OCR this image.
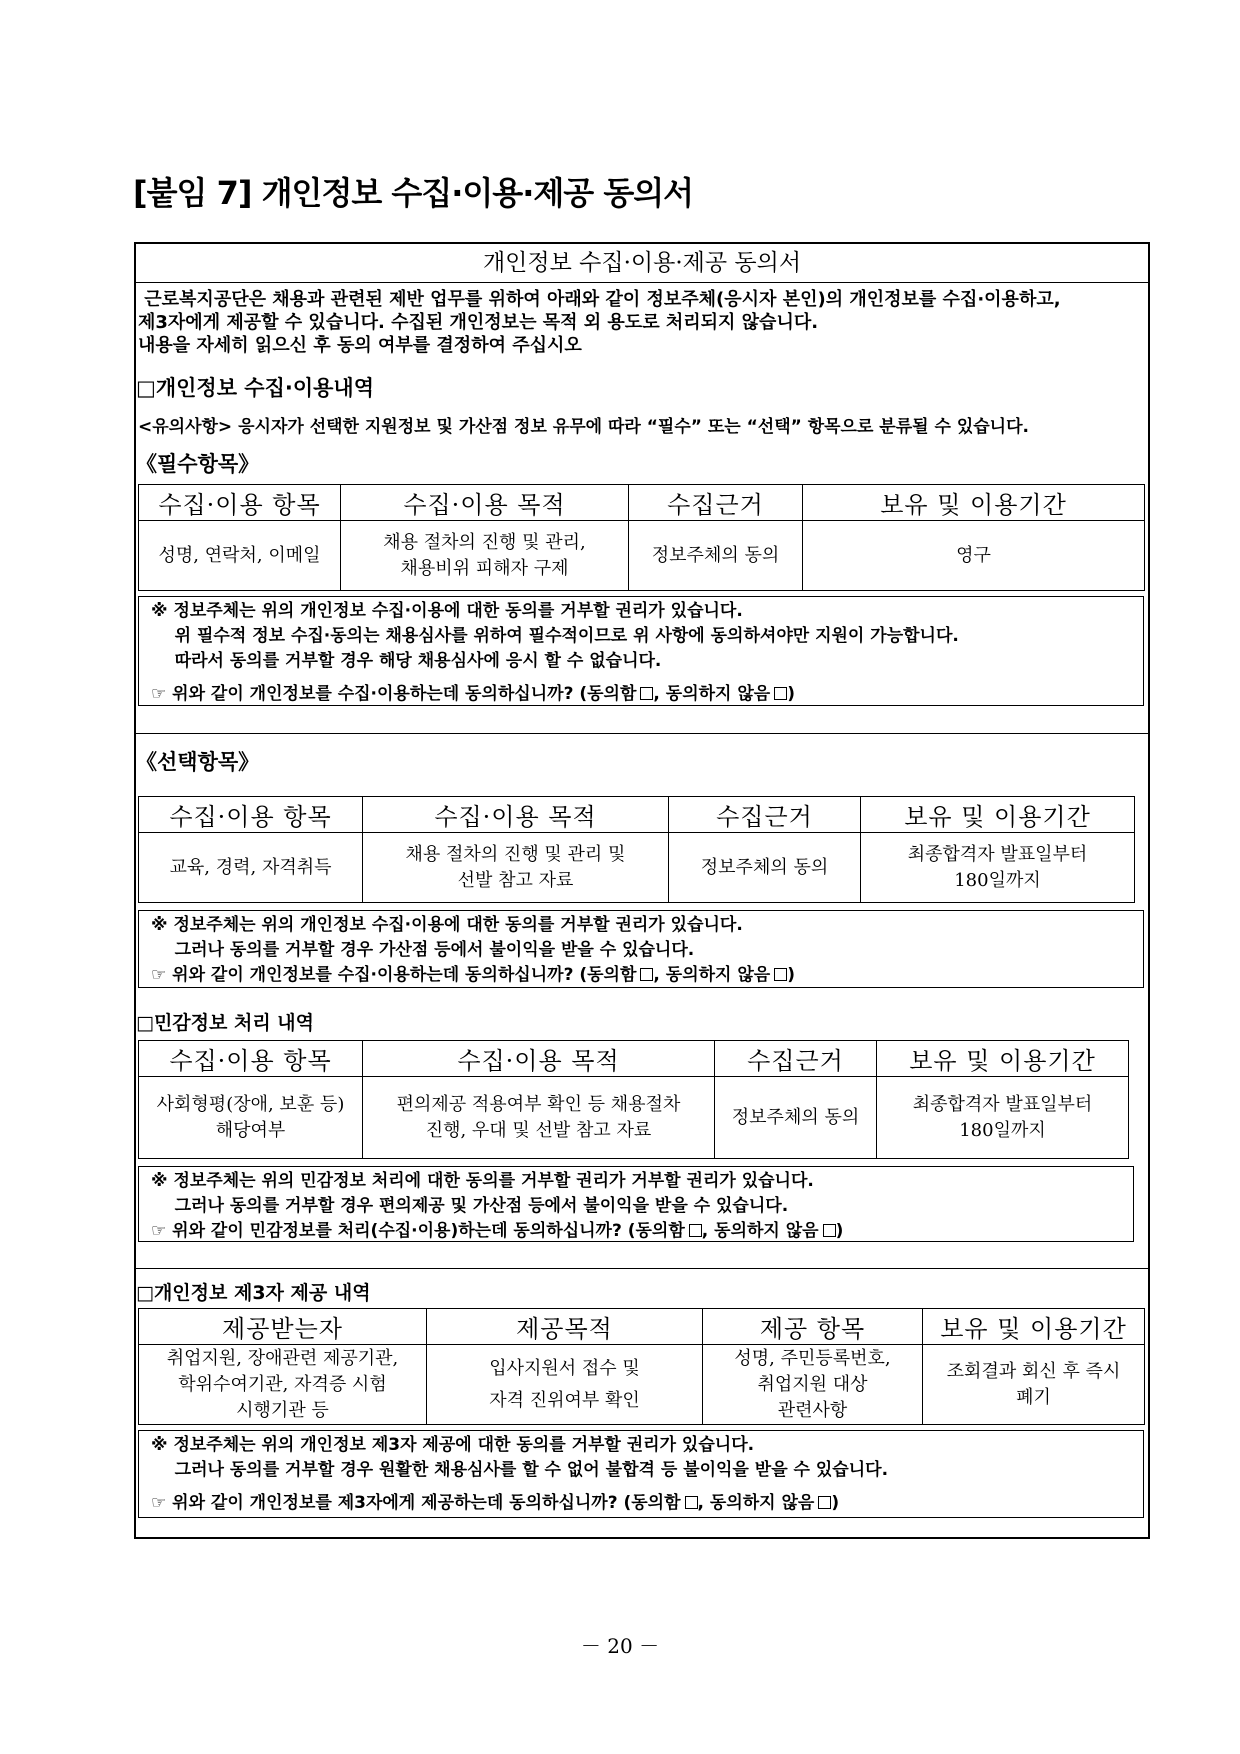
[붙임 7] 개인정보 수집·이용·제공 동의서
개인정보 수집·이용·제공 동의서
근로복지공단은 채용과 관련된 제반 업무를 위하여 아래와 같이 정보주체(응시자 본인)의 개인정보를 수집·이용하고,
제3자에게 제공할 수 있습니다. 수집된 개인정보는 목적 외 용도로 처리되지 않습니다.
내용을 자세히 읽으신 후 동의 여부를 결정하여 주십시오
□개인정보 수집·이용내역
<유의사항> 응시자가 선택한 지원정보 및 가산점 정보 유무에 따라 “필수” 또는 “선택” 항목으로 분류될 수 있습니다.
《필수항목》
수집·이용 항목	수집·이용 목적	수집근거	보유 및 이용기간
성명, 연락처, 이메일	채용 절차의 진행 및 관리,
채용비위 피해자 구제	정보주체의 동의	영구
※ 정보주체는 위의 개인정보 수집·이용에 대한 동의를 거부할 권리가 있습니다.
위 필수적 정보 수집·동의는 채용심사를 위하여 필수적이므로 위 사항에 동의하셔야만 지원이 가능합니다.
따라서 동의를 거부할 경우 해당 채용심사에 응시 할 수 없습니다.
☞ 위와 같이 개인정보를 수집·이용하는데 동의하십니까? (동의함 , 동의하지 않음 )
《선택항목》
수집·이용 항목	수집·이용 목적	수집근거	보유 및 이용기간
교육, 경력, 자격취득	채용 절차의 진행 및 관리 및
선발 참고 자료	정보주체의 동의	최종합격자 발표일부터
180일까지
※ 정보주체는 위의 개인정보 수집·이용에 대한 동의를 거부할 권리가 있습니다.
그러나 동의를 거부할 경우 가산점 등에서 불이익을 받을 수 있습니다.
☞ 위와 같이 개인정보를 수집·이용하는데 동의하십니까? (동의함 , 동의하지 않음 )
□민감정보 처리 내역
수집·이용 항목	수집·이용 목적	수집근거	보유 및 이용기간
사회형평(장애, 보훈 등)
해당여부	편의제공 적용여부 확인 등 채용절차
진행, 우대 및 선발 참고 자료	정보주체의 동의	최종합격자 발표일부터
180일까지
※ 정보주체는 위의 민감정보 처리에 대한 동의를 거부할 권리가 거부할 권리가 있습니다.
그러나 동의를 거부할 경우 편의제공 및 가산점 등에서 불이익을 받을 수 있습니다.
☞ 위와 같이 민감정보를 처리(수집·이용)하는데 동의하십니까? (동의함 , 동의하지 않음 )
□개인정보 제3자 제공 내역
제공받는자	제공목적	제공 항목	보유 및 이용기간
취업지원, 장애관련 제공기관,
학위수여기관, 자격증 시험
시행기관 등	입사지원서 접수 및
자격 진위여부 확인	성명, 주민등록번호,
취업지원 대상
관련사항	조회결과 회신 후 즉시
폐기
※ 정보주체는 위의 개인정보 제3자 제공에 대한 동의를 거부할 권리가 있습니다.
그러나 동의를 거부할 경우 원활한 채용심사를 할 수 없어 불합격 등 불이익을 받을 수 있습니다.
☞ 위와 같이 개인정보를 제3자에게 제공하는데 동의하십니까? (동의함 , 동의하지 않음 )
－ 20 －
